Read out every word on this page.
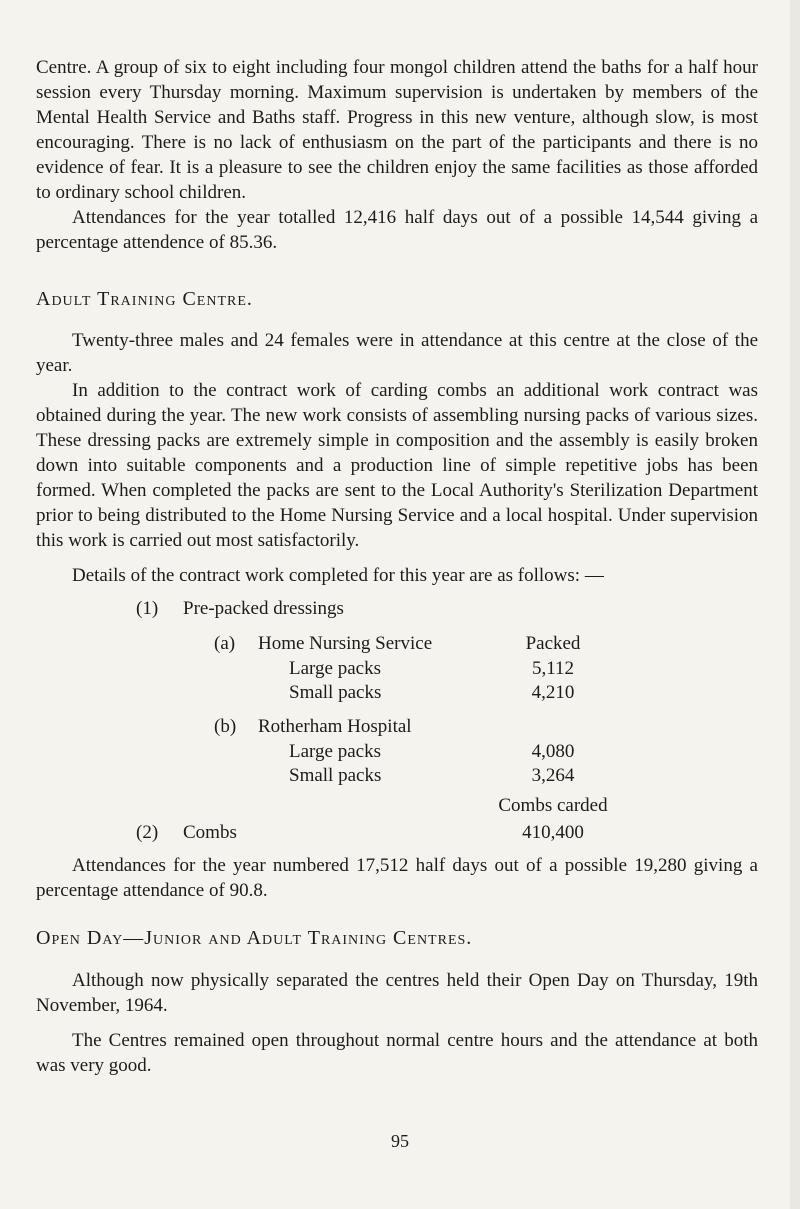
Centre. A group of six to eight including four mongol children attend the baths for a half hour session every Thursday morning. Maximum supervision is undertaken by members of the Mental Health Service and Baths staff. Progress in this new venture, although slow, is most encouraging. There is no lack of enthusiasm on the part of the participants and there is no evidence of fear. It is a pleasure to see the children enjoy the same facilities as those afforded to ordinary school children.

Attendances for the year totalled 12,416 half days out of a possible 14,544 giving a percentage attendence of 85.36.

Adult Training Centre.

Twenty-three males and 24 females were in attendance at this centre at the close of the year.

In addition to the contract work of carding combs an additional work contract was obtained during the year. The new work consists of assembling nursing packs of various sizes. These dressing packs are extremely simple in composition and the assembly is easily broken down into suitable components and a production line of simple repetitive jobs has been formed. When completed the packs are sent to the Local Authority's Sterilization Department prior to being distributed to the Home Nursing Service and a local hospital. Under supervision this work is carried out most satisfactorily.

Details of the contract work completed for this year are as follows: —

(1) Pre-packed dressings
(a) Home Nursing Service	Packed
Large packs	5,112
Small packs	4,210
(b) Rotherham Hospital
Large packs	4,080
Small packs	3,264
Combs carded
(2) Combs	410,400

Attendances for the year numbered 17,512 half days out of a possible 19,280 giving a percentage attendance of 90.8.

Open Day—Junior and Adult Training Centres.

Although now physically separated the centres held their Open Day on Thursday, 19th November, 1964.

The Centres remained open throughout normal centre hours and the attendance at both was very good.

95
